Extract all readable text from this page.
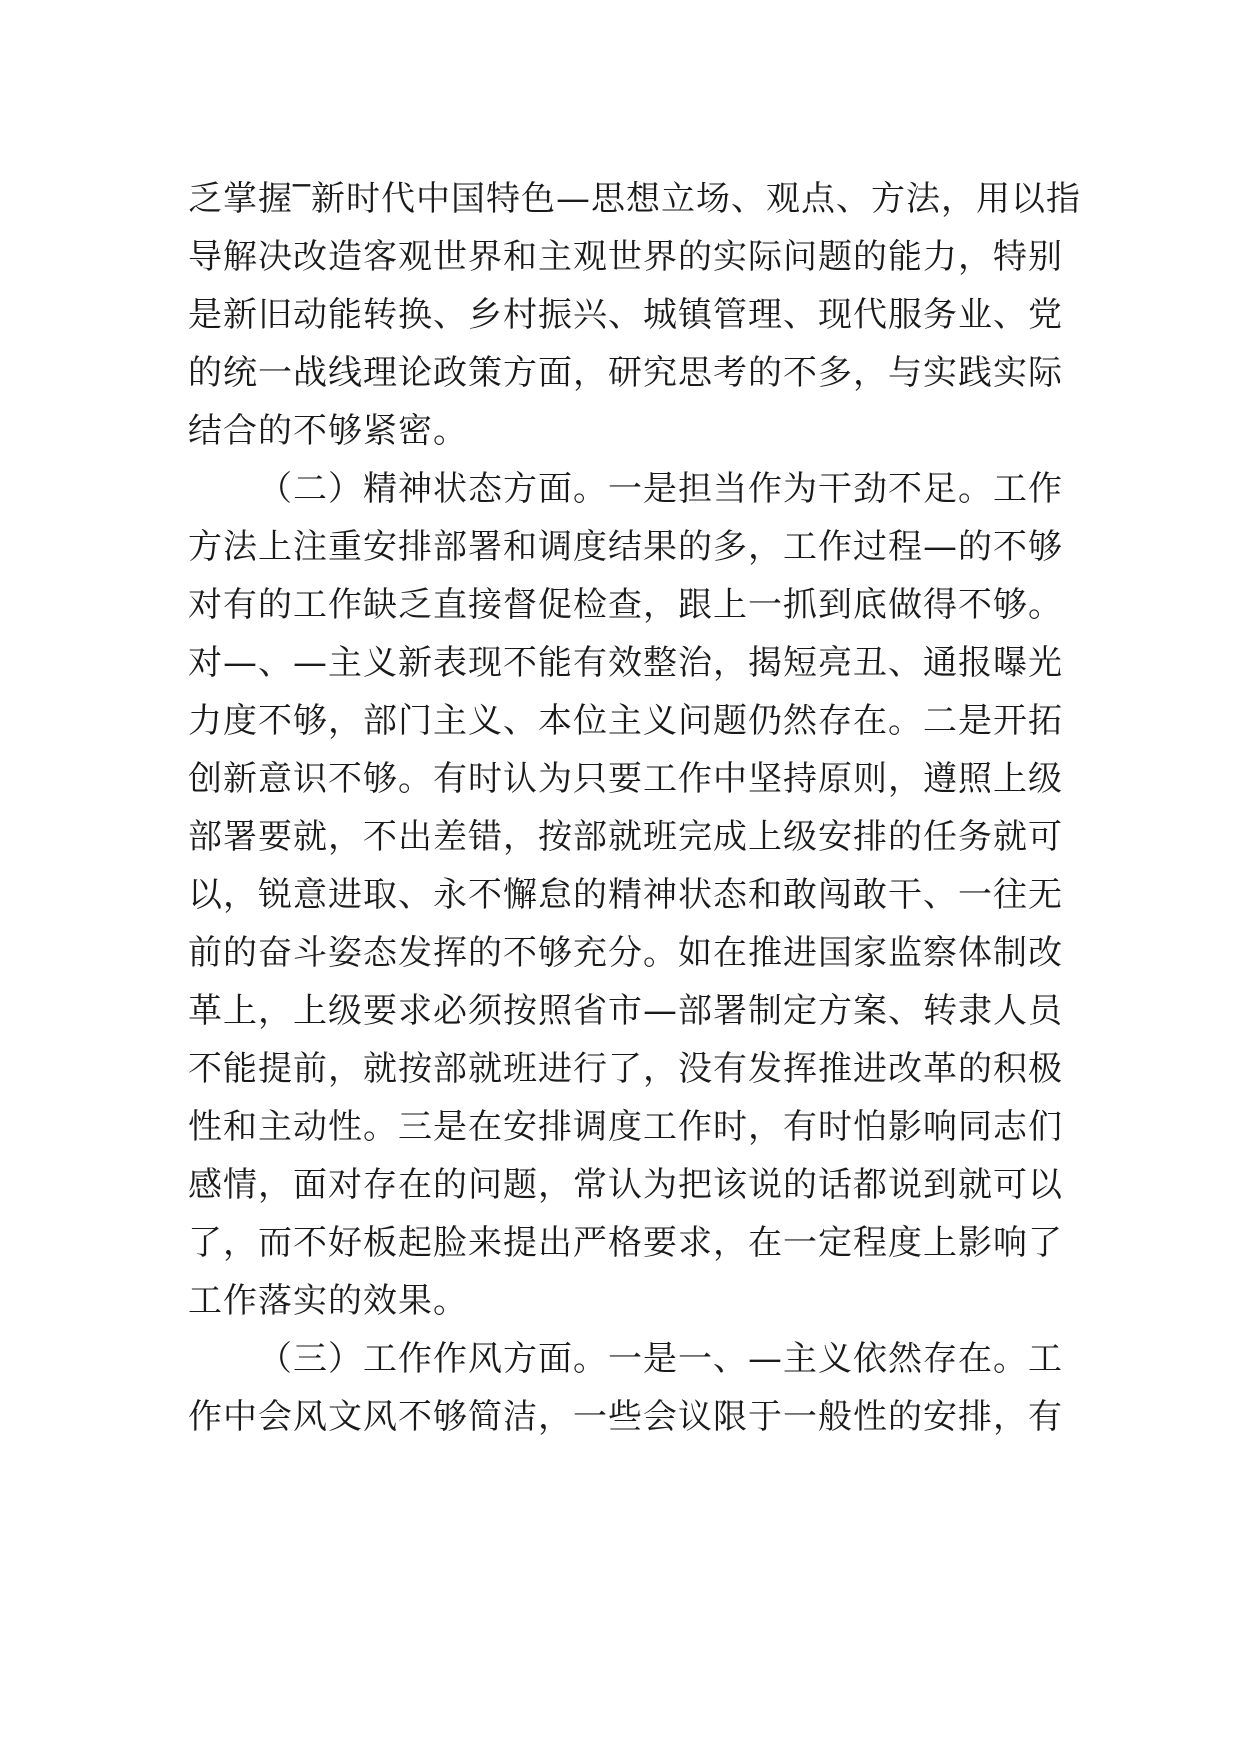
乏掌握‾新时代中国特色—思想立场、观点、方法，用以指

导解决改造客观世界和主观世界的实际问题的能力，特别

是新旧动能转换、乡村振兴、城镇管理、现代服务业、党

的统一战线理论政策方面，研究思考的不多，与实践实际

结合的不够紧密。

（二）精神状态方面。一是担当作为干劲不足。工作

方法上注重安排部署和调度结果的多，工作过程—的不够

对有的工作缺乏直接督促检查，跟上一抓到底做得不够。

对—、—主义新表现不能有效整治，揭短亮丑、通报曝光

力度不够，部门主义、本位主义问题仍然存在。二是开拓

创新意识不够。有时认为只要工作中坚持原则，遵照上级

部署要就，不出差错，按部就班完成上级安排的任务就可

以，锐意进取、永不懈怠的精神状态和敢闯敢干、一往无

前的奋斗姿态发挥的不够充分。如在推进国家监察体制改

革上，上级要求必须按照省市—部署制定方案、转隶人员

不能提前，就按部就班进行了，没有发挥推进改革的积极

性和主动性。三是在安排调度工作时，有时怕影响同志们

感情，面对存在的问题，常认为把该说的话都说到就可以

了，而不好板起脸来提出严格要求，在一定程度上影响了

工作落实的效果。

（三）工作作风方面。一是一、—主义依然存在。工

作中会风文风不够简洁，一些会议限于一般性的安排，有
